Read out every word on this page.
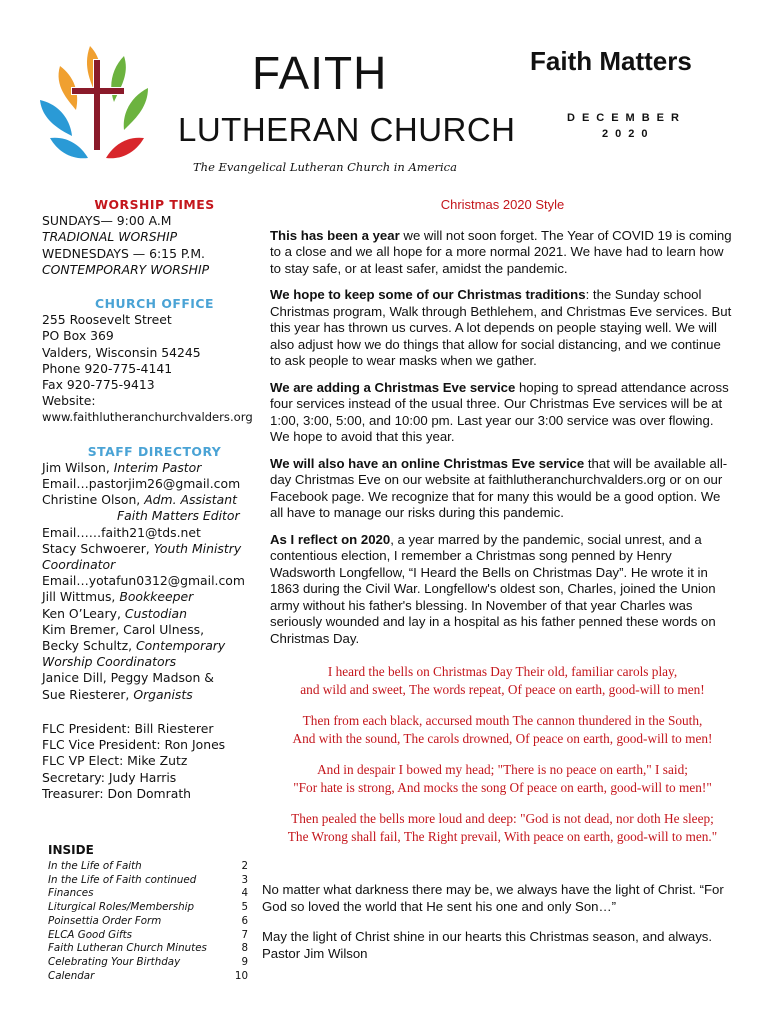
FAITH
LUTHERAN CHURCH
Faith Matters
DECEMBER
2020
The Evangelical Lutheran Church in America
WORSHIP TIMES
SUNDAYS— 9:00 A.M
TRADIONAL WORSHIP
WEDNESDAYS — 6:15 P.M.
CONTEMPORARY WORSHIP
CHURCH OFFICE
255 Roosevelt Street
PO Box 369
Valders, Wisconsin 54245
Phone 920-775-4141
Fax 920-775-9413
Website:
www.faithlutheranchurchvalders.org
STAFF DIRECTORY
Jim Wilson, Interim Pastor
Email…pastorjim26@gmail.com
Christine Olson, Adm. Assistant
Faith Matters Editor
Email……faith21@tds.net
Stacy Schwoerer, Youth Ministry
Coordinator
Email…yotafun0312@gmail.com
Jill Wittmus, Bookkeeper
Ken O’Leary, Custodian
Kim Bremer, Carol Ulness,
Becky Schultz, Contemporary
Worship Coordinators
Janice Dill, Peggy Madson &
Sue Riesterer, Organists
FLC President: Bill Riesterer
FLC Vice President: Ron Jones
FLC VP Elect: Mike Zutz
Secretary: Judy Harris
Treasurer: Don Domrath
INSIDE
In the Life of Faith	2
In the Life of Faith continued	3
Finances	4
Liturgical Roles/Membership	5
Poinsettia Order Form	6
ELCA Good Gifts	7
Faith Lutheran Church Minutes	8
Celebrating Your Birthday	9
Calendar	10
Christmas 2020 Style
This has been a year we will not soon forget. The Year of COVID 19 is coming to a close and we all hope for a more normal 2021. We have had to learn how to stay safe, or at least safer, amidst the pandemic.
We hope to keep some of our Christmas traditions: the Sunday school Christmas program, Walk through Bethlehem, and Christmas Eve services. But this year has thrown us curves. A lot depends on people staying well. We will also adjust how we do things that allow for social distancing, and we continue to ask people to wear masks when we gather.
We are adding a Christmas Eve service hoping to spread attendance across four services instead of the usual three. Our Christmas Eve services will be at 1:00, 3:00, 5:00, and 10:00 pm. Last year our 3:00 service was over flowing. We hope to avoid that this year.
We will also have an online Christmas Eve service that will be available all-day Christmas Eve on our website at faithlutheranchurchvalders.org or on our Facebook page. We recognize that for many this would be a good option. We all have to manage our risks during this pandemic.
As I reflect on 2020, a year marred by the pandemic, social unrest, and a contentious election, I remember a Christmas song penned by Henry Wadsworth Longfellow, “I Heard the Bells on Christmas Day”. He wrote it in 1863 during the Civil War. Longfellow's oldest son, Charles, joined the Union army without his father's blessing. In November of that year Charles was seriously wounded and lay in a hospital as his father penned these words on Christmas Day.
I heard the bells on Christmas Day Their old, familiar carols play,
and wild and sweet, The words repeat, Of peace on earth, good-will to men!
Then from each black, accursed mouth The cannon thundered in the South,
And with the sound, The carols drowned, Of peace on earth, good-will to men!
And in despair I bowed my head; "There is no peace on earth," I said;
"For hate is strong, And mocks the song Of peace on earth, good-will to men!"
Then pealed the bells more loud and deep: "God is not dead, nor doth He sleep;
The Wrong shall fail, The Right prevail, With peace on earth, good-will to men."
No matter what darkness there may be, we always have the light of Christ. “For God so loved the world that He sent his one and only Son…”
May the light of Christ shine in our hearts this Christmas season, and always.
Pastor Jim Wilson
